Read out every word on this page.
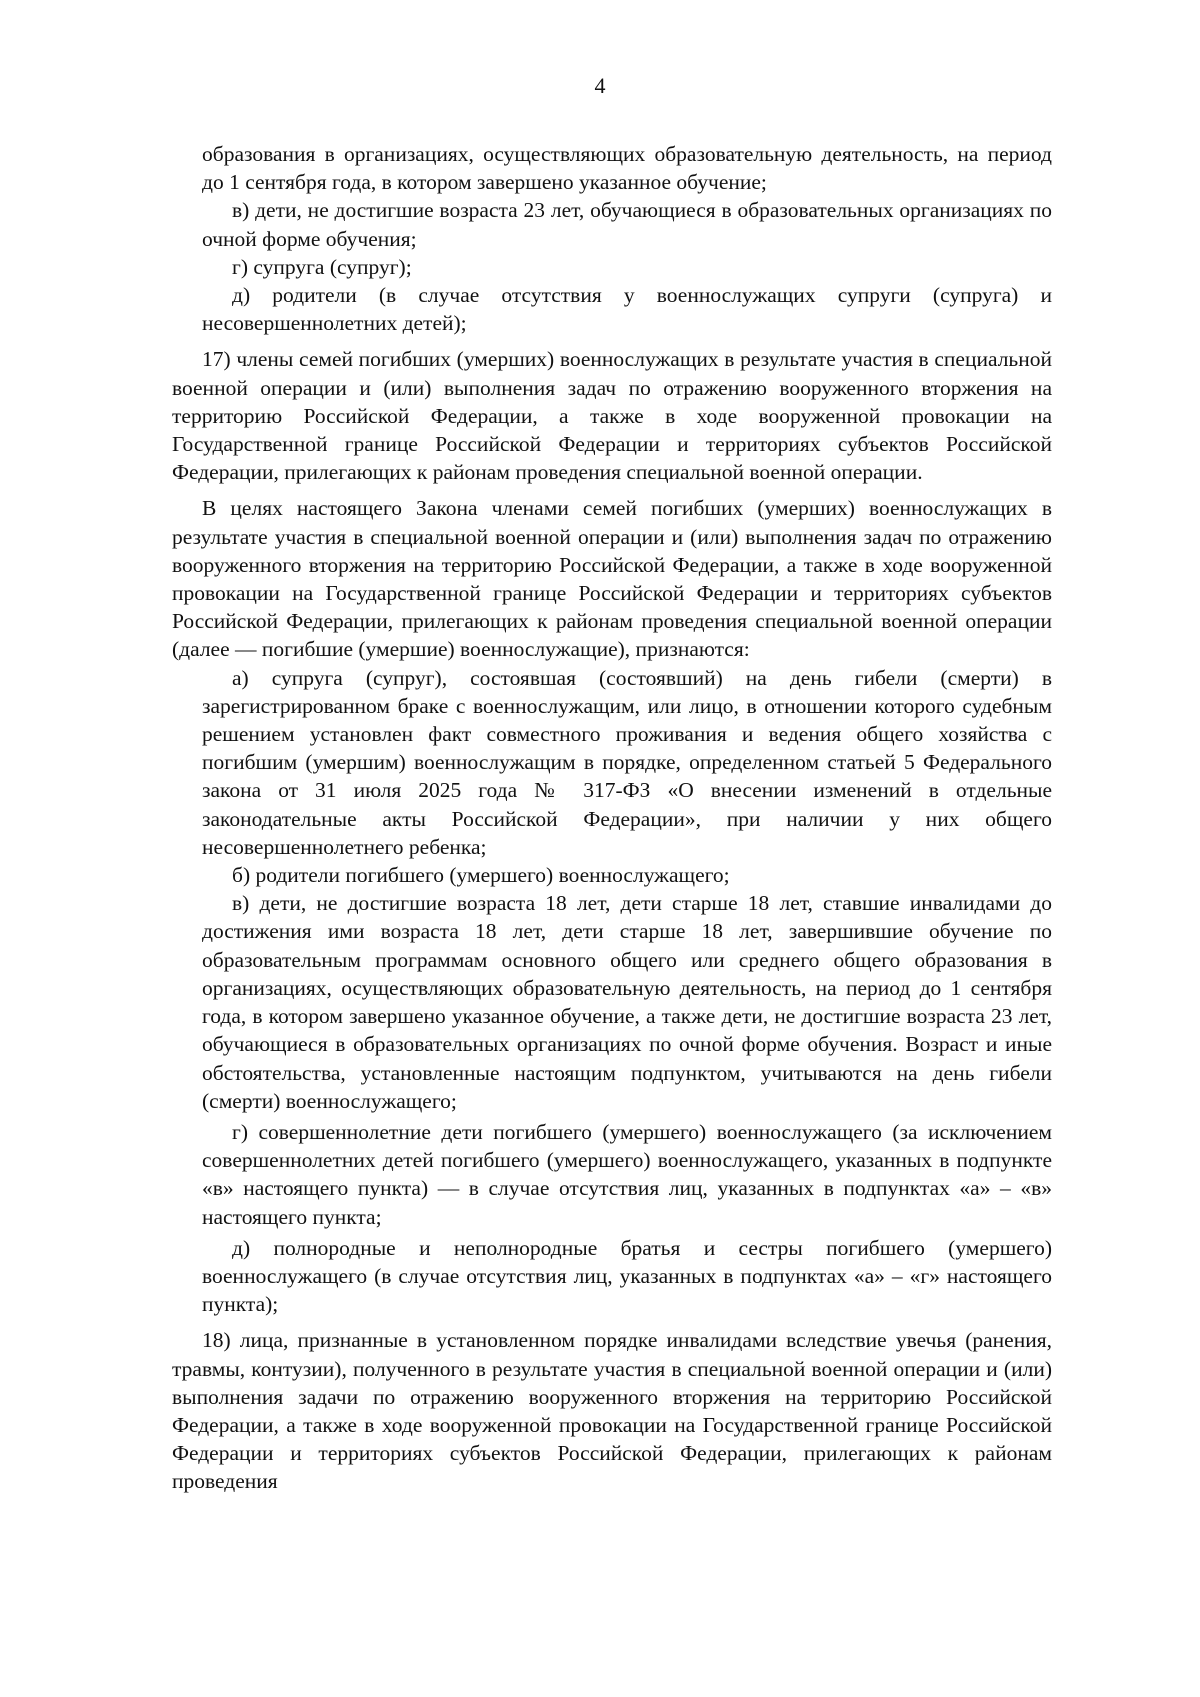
4

образования в организациях, осуществляющих образовательную деятельность, на период до 1 сентября года, в котором завершено указанное обучение;

в) дети, не достигшие возраста 23 лет, обучающиеся в образовательных организациях по очной форме обучения;

г) супруга (супруг);

д) родители (в случае отсутствия у военнослужащих супруги (супруга) и несовершеннолетних детей);

17) члены семей погибших (умерших) военнослужащих в результате участия в специальной военной операции и (или) выполнения задач по отражению вооруженного вторжения на территорию Российской Федерации, а также в ходе вооруженной провокации на Государственной границе Российской Федерации и территориях субъектов Российской Федерации, прилегающих к районам проведения специальной военной операции.

В целях настоящего Закона членами семей погибших (умерших) военнослужащих в результате участия в специальной военной операции и (или) выполнения задач по отражению вооруженного вторжения на территорию Российской Федерации, а также в ходе вооруженной провокации на Государственной границе Российской Федерации и территориях субъектов Российской Федерации, прилегающих к районам проведения специальной военной операции (далее — погибшие (умершие) военнослужащие), признаются:

а) супруга (супруг), состоявшая (состоявший) на день гибели (смерти) в зарегистрированном браке с военнослужащим, или лицо, в отношении которого судебным решением установлен факт совместного проживания и ведения общего хозяйства с погибшим (умершим) военнослужащим в порядке, определенном статьей 5 Федерального закона от 31 июля 2025 года № 317-ФЗ «О внесении изменений в отдельные законодательные акты Российской Федерации», при наличии у них общего несовершеннолетнего ребенка;

б) родители погибшего (умершего) военнослужащего;

в) дети, не достигшие возраста 18 лет, дети старше 18 лет, ставшие инвалидами до достижения ими возраста 18 лет, дети старше 18 лет, завершившие обучение по образовательным программам основного общего или среднего общего образования в организациях, осуществляющих образовательную деятельность, на период до 1 сентября года, в котором завершено указанное обучение, а также дети, не достигшие возраста 23 лет, обучающиеся в образовательных организациях по очной форме обучения. Возраст и иные обстоятельства, установленные настоящим подпунктом, учитываются на день гибели (смерти) военнослужащего;

г) совершеннолетние дети погибшего (умершего) военнослужащего (за исключением совершеннолетних детей погибшего (умершего) военнослужащего, указанных в подпункте «в» настоящего пункта) — в случае отсутствия лиц, указанных в подпунктах «а» – «в» настоящего пункта;

д) полнородные и неполнородные братья и сестры погибшего (умершего) военнослужащего (в случае отсутствия лиц, указанных в подпунктах «а» – «г» настоящего пункта);

18) лица, признанные в установленном порядке инвалидами вследствие увечья (ранения, травмы, контузии), полученного в результате участия в специальной военной операции и (или) выполнения задачи по отражению вооруженного вторжения на территорию Российской Федерации, а также в ходе вооруженной провокации на Государственной границе Российской Федерации и территориях субъектов Российской Федерации, прилегающих к районам проведения
